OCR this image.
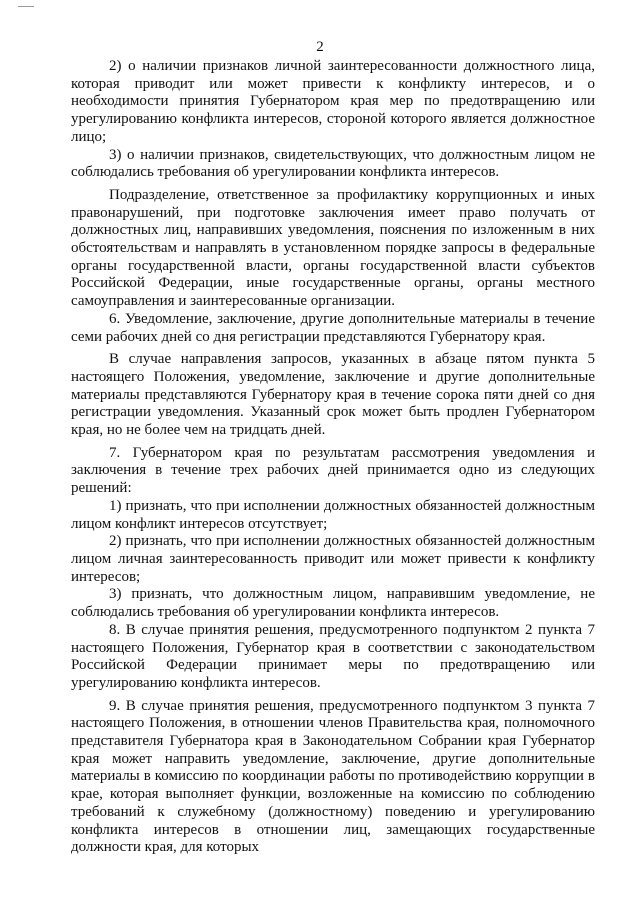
2

2) о наличии признаков личной заинтересованности должностного лица, которая приводит или может привести к конфликту интересов, и о необходимости принятия Губернатором края мер по предотвращению или урегулированию конфликта интересов, стороной которого является должностное лицо;

3) о наличии признаков, свидетельствующих, что должностным лицом не соблюдались требования об урегулировании конфликта интересов.

Подразделение, ответственное за профилактику коррупционных и иных правонарушений, при подготовке заключения имеет право получать от должностных лиц, направивших уведомления, пояснения по изложенным в них обстоятельствам и направлять в установленном порядке запросы в федеральные органы государственной власти, органы государственной власти субъектов Российской Федерации, иные государственные органы, органы местного самоуправления и заинтересованные организации.

6. Уведомление, заключение, другие дополнительные материалы в течение семи рабочих дней со дня регистрации представляются Губернатору края.

В случае направления запросов, указанных в абзаце пятом пункта 5 настоящего Положения, уведомление, заключение и другие дополнительные материалы представляются Губернатору края в течение сорока пяти дней со дня регистрации уведомления. Указанный срок может быть продлен Губернатором края, но не более чем на тридцать дней.

7. Губернатором края по результатам рассмотрения уведомления и заключения в течение трех рабочих дней принимается одно из следующих решений:

1) признать, что при исполнении должностных обязанностей должностным лицом конфликт интересов отсутствует;

2) признать, что при исполнении должностных обязанностей должностным лицом личная заинтересованность приводит или может привести к конфликту интересов;

3) признать, что должностным лицом, направившим уведомление, не соблюдались требования об урегулировании конфликта интересов.

8. В случае принятия решения, предусмотренного подпунктом 2 пункта 7 настоящего Положения, Губернатор края в соответствии с законодательством Российской Федерации принимает меры по предотвращению или урегулированию конфликта интересов.

9. В случае принятия решения, предусмотренного подпунктом 3 пункта 7 настоящего Положения, в отношении членов Правительства края, полномочного представителя Губернатора края в Законодательном Собрании края Губернатор края может направить уведомление, заключение, другие дополнительные материалы в комиссию по координации работы по противодействию коррупции в крае, которая выполняет функции, возложенные на комиссию по соблюдению требований к служебному (должностному) поведению и урегулированию конфликта интересов в отношении лиц, замещающих государственные должности края, для которых
